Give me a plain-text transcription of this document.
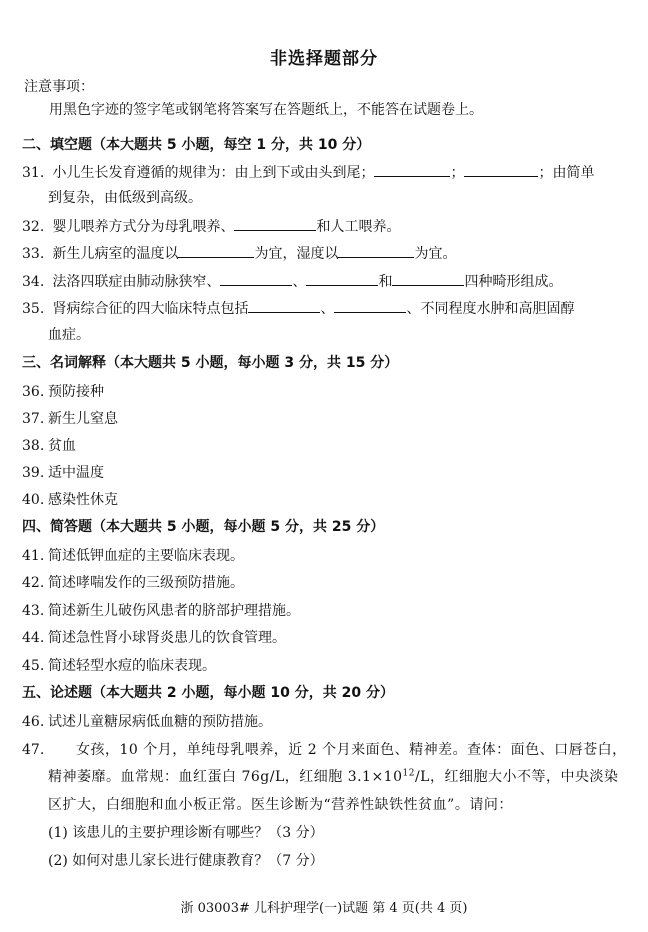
非选择题部分
注意事项：
用黑色字迹的签字笔或钢笔将答案写在答题纸上，不能答在试题卷上。
二、填空题（本大题共 5 小题，每空 1 分，共 10 分）
31. 小儿生长发育遵循的规律为：由上到下或由头到尾；	；	；由简单
到复杂，由低级到高级。
32. 婴儿喂养方式分为母乳喂养、	和人工喂养。
33. 新生儿病室的温度以	为宜，湿度以	为宜。
34. 法洛四联症由肺动脉狭窄、	、	和	四种畸形组成。
35. 肾病综合征的四大临床特点包括	、	、不同程度水肿和高胆固醇
血症。
三、名词解释（本大题共 5 小题，每小题 3 分，共 15 分）
36. 预防接种
37. 新生儿窒息
38. 贫血
39. 适中温度
40. 感染性休克
四、简答题（本大题共 5 小题，每小题 5 分，共 25 分）
41. 简述低钾血症的主要临床表现。
42. 简述哮喘发作的三级预防措施。
43. 简述新生儿破伤风患者的脐部护理措施。
44. 简述急性肾小球肾炎患儿的饮食管理。
45. 简述轻型水痘的临床表现。
五、论述题（本大题共 2 小题，每小题 10 分，共 20 分）
46. 试述儿童糖尿病低血糖的预防措施。
47. 女孩，10 个月，单纯母乳喂养，近 2 个月来面色、精神差。查体：面色、口唇苍白，
精神萎靡。血常规：血红蛋白 76g/L，红细胞 $3.1\times 10^{12}/L$，红细胞大小不等，中央淡染
区扩大，白细胞和血小板正常。医生诊断为“营养性缺铁性贫血”。请问：
(1) 该患儿的主要护理诊断有哪些？（3 分）
(2) 如何对患儿家长进行健康教育？（7 分）
浙 03003# 儿科护理学(一)试题 第 4 页(共 4 页)
